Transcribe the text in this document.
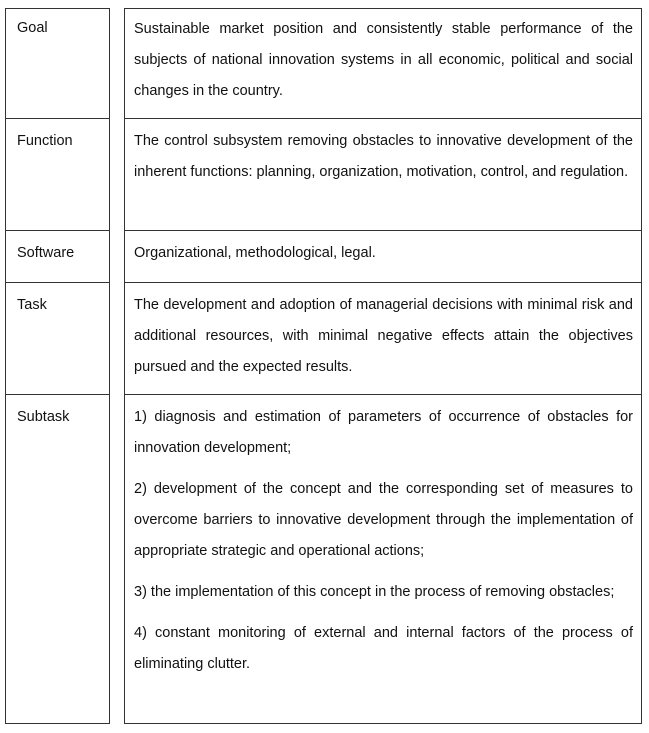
Goal	Sustainable market position and consistently stable performance of the subjects of national innovation systems in all economic, political and social changes in the country.

Function	The control subsystem removing obstacles to innovative development of the inherent functions: planning, organization, motivation, control, and regulation.

Software	Organizational, methodological, legal.

Task	The development and adoption of managerial decisions with minimal risk and additional resources, with minimal negative effects attain the objectives pursued and the expected results.

Subtask	1) diagnosis and estimation of parameters of occurrence of obstacles for innovation development;

2) development of the concept and the corresponding set of measures to overcome barriers to innovative development through the implementation of appropriate strategic and operational actions;

3) the implementation of this concept in the process of removing obstacles;

4) constant monitoring of external and internal factors of the process of eliminating clutter.
